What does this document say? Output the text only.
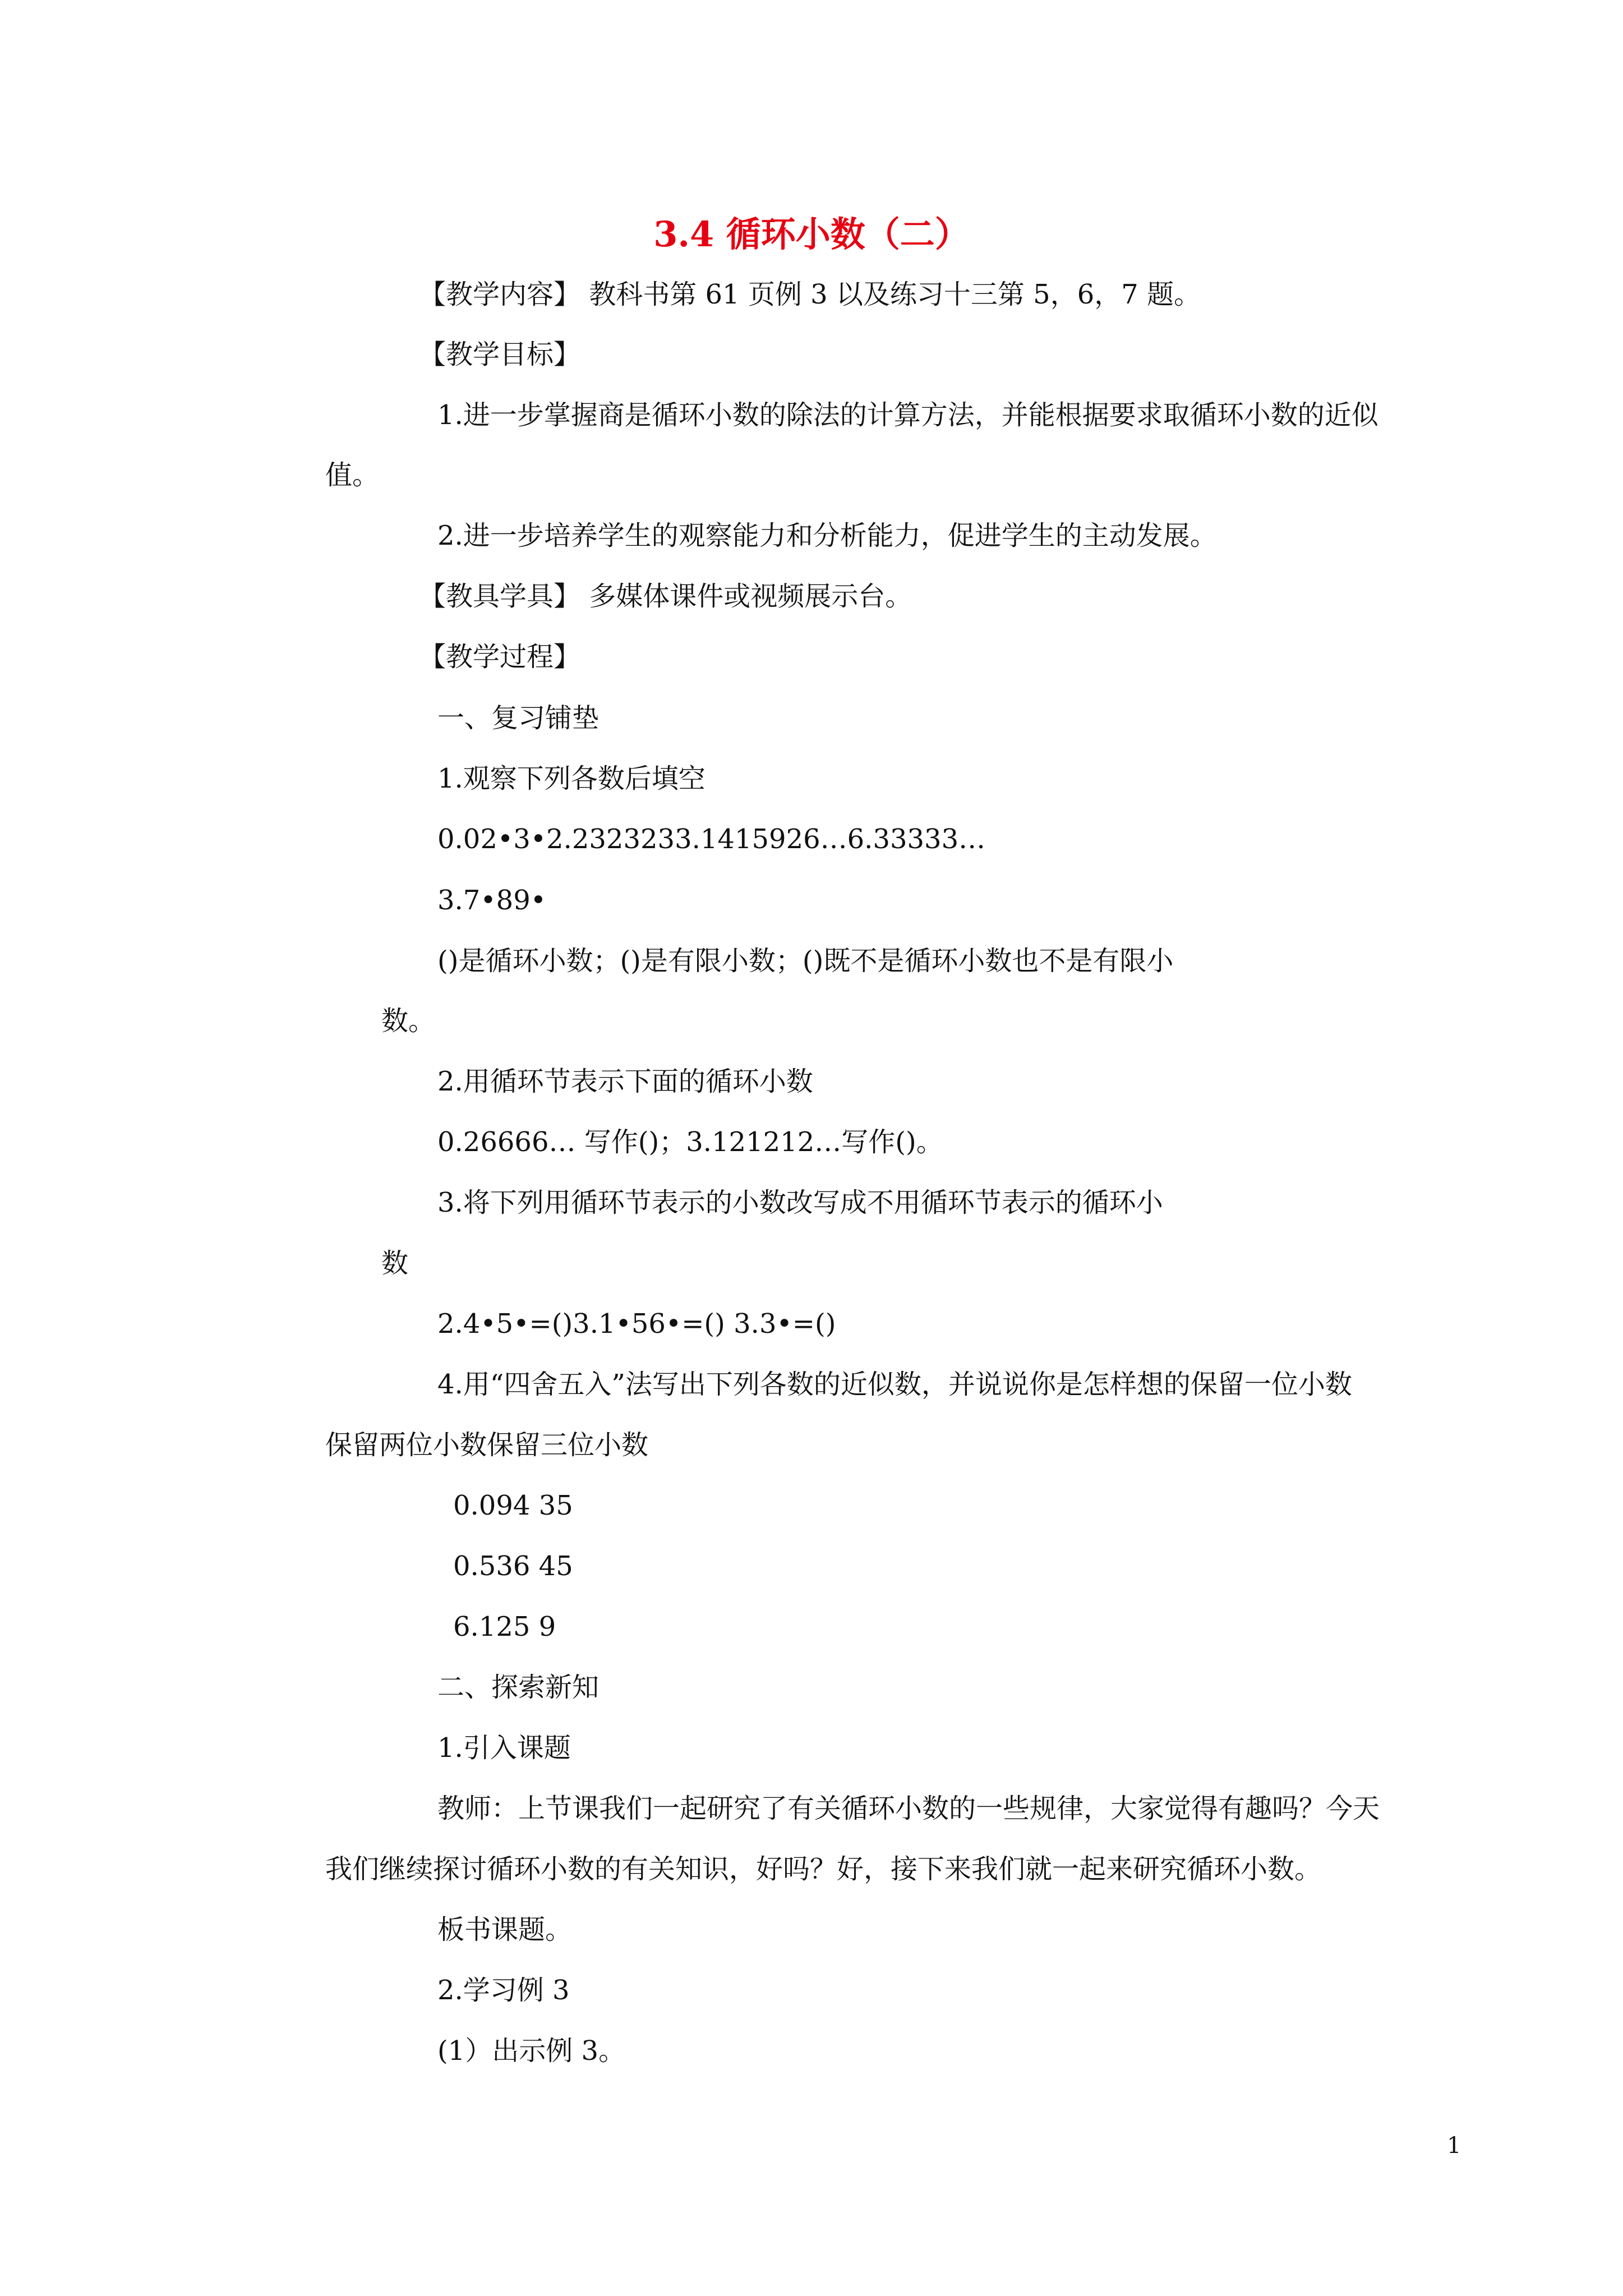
3.4 循环小数（二）
【教学内容】 教科书第 61 页例 3 以及练习十三第 5，6，7 题。
【教学目标】
1.进一步掌握商是循环小数的除法的计算方法，并能根据要求取循环小数的近似
值。
2.进一步培养学生的观察能力和分析能力，促进学生的主动发展。
【教具学具】 多媒体课件或视频展示台。
【教学过程】
一、复习铺垫
1.观察下列各数后填空
0.02•3•2.2323233.1415926…6.33333…
3.7•89•
()是循环小数；()是有限小数；()既不是循环小数也不是有限小
数。
2.用循环节表示下面的循环小数
0.26666… 写作()；3.121212…写作()。
3.将下列用循环节表示的小数改写成不用循环节表示的循环小
数
2.4•5•=()3.1•56•=() 3.3•=()
4.用“四舍五入”法写出下列各数的近似数，并说说你是怎样想的保留一位小数
保留两位小数保留三位小数
0.094 35
0.536 45
6.125 9
二、探索新知
1.引入课题
教师：上节课我们一起研究了有关循环小数的一些规律，大家觉得有趣吗？今天
我们继续探讨循环小数的有关知识，好吗？好，接下来我们就一起来研究循环小数。
板书课题。
2.学习例 3
(1）出示例 3。
1
